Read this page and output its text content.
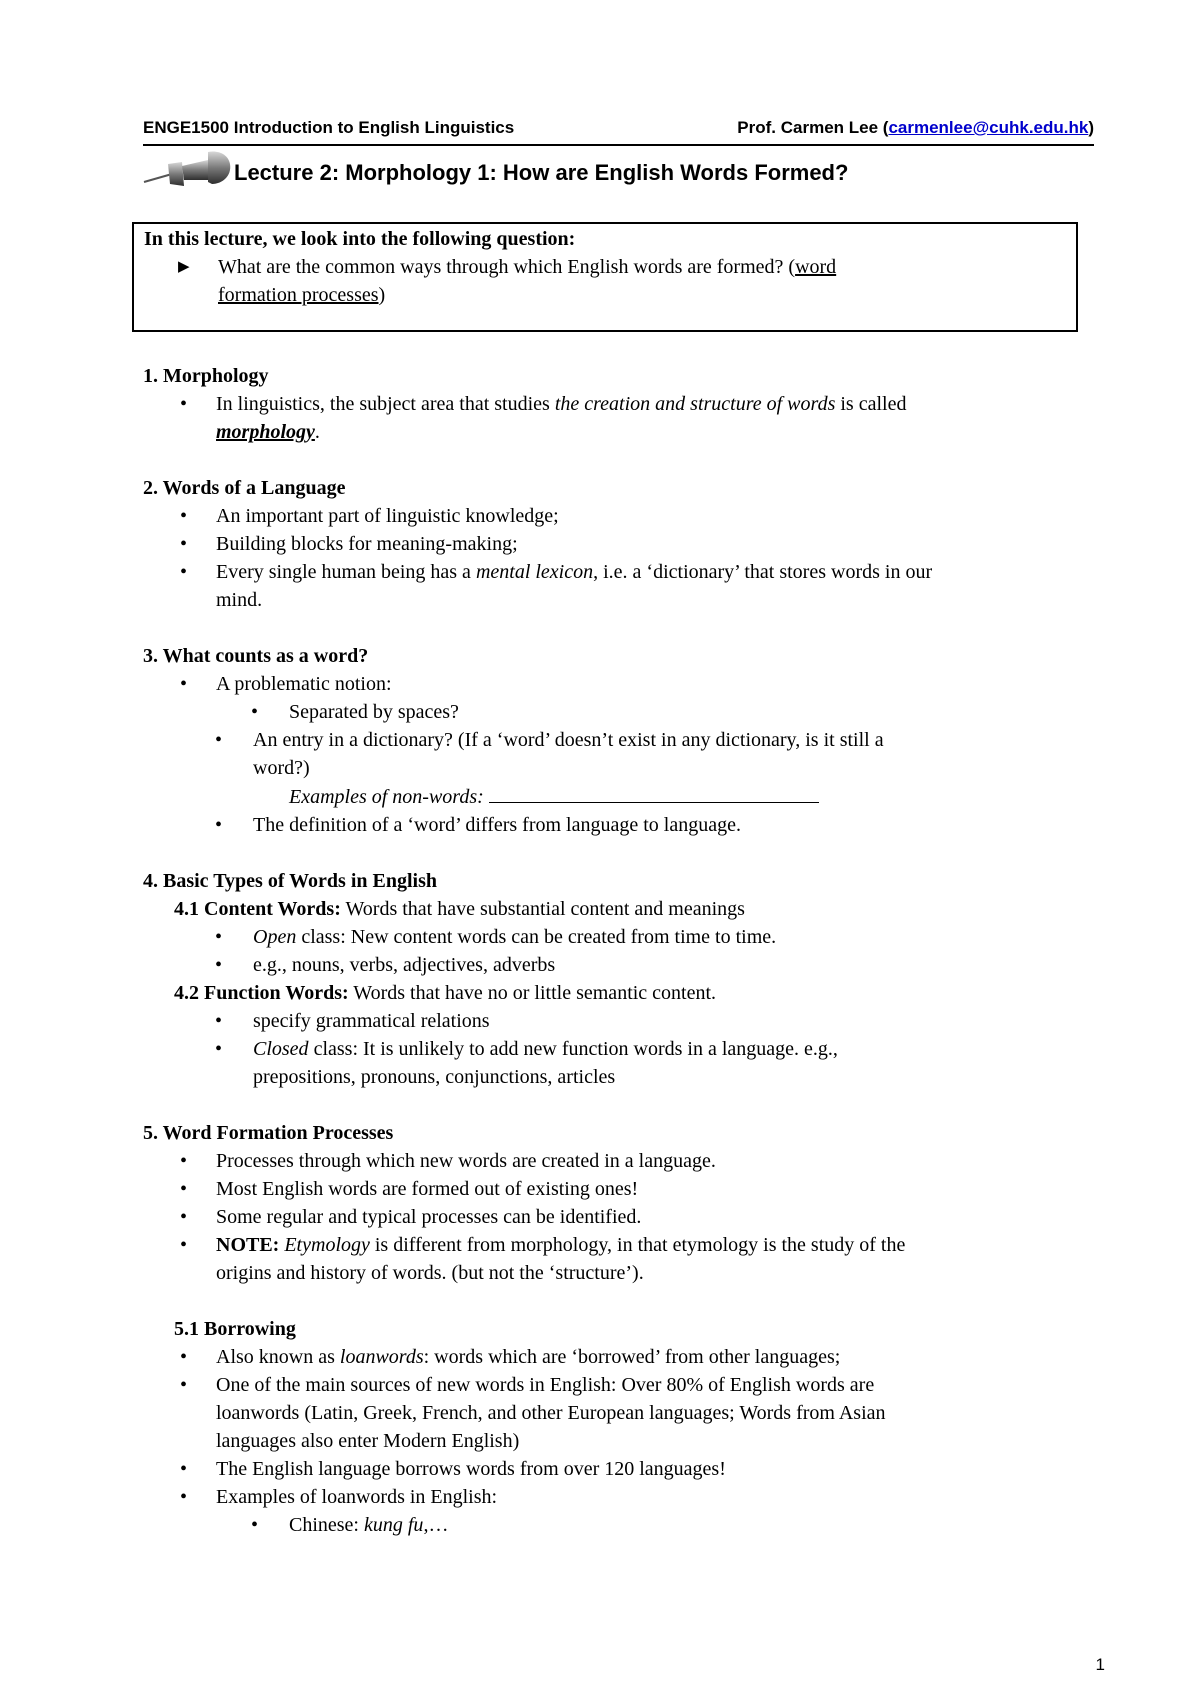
ENGE1500 Introduction to English Linguistics	Prof. Carmen Lee (carmenlee@cuhk.edu.hk)
Lecture 2: Morphology 1: How are English Words Formed?
In this lecture, we look into the following question:
▶ What are the common ways through which English words are formed? (word
formation processes)
1. Morphology
• In linguistics, the subject area that studies the creation and structure of words is called
morphology.
2. Words of a Language
• An important part of linguistic knowledge;
• Building blocks for meaning-making;
• Every single human being has a mental lexicon, i.e. a ‘dictionary’ that stores words in our
mind.
3. What counts as a word?
• A problematic notion:
• Separated by spaces?
• An entry in a dictionary? (If a ‘word’ doesn’t exist in any dictionary, is it still a
word?)
Examples of non-words:
• The definition of a ‘word’ differs from language to language.
4. Basic Types of Words in English
4.1 Content Words: Words that have substantial content and meanings
• Open class: New content words can be created from time to time.
• e.g., nouns, verbs, adjectives, adverbs
4.2 Function Words: Words that have no or little semantic content.
• specify grammatical relations
• Closed class: It is unlikely to add new function words in a language. e.g.,
prepositions, pronouns, conjunctions, articles
5. Word Formation Processes
• Processes through which new words are created in a language.
• Most English words are formed out of existing ones!
• Some regular and typical processes can be identified.
• NOTE: Etymology is different from morphology, in that etymology is the study of the
origins and history of words. (but not the ‘structure’).
5.1 Borrowing
• Also known as loanwords: words which are ‘borrowed’ from other languages;
• One of the main sources of new words in English: Over 80% of English words are
loanwords (Latin, Greek, French, and other European languages; Words from Asian
languages also enter Modern English)
• The English language borrows words from over 120 languages!
• Examples of loanwords in English:
• Chinese: kung fu,…
1
